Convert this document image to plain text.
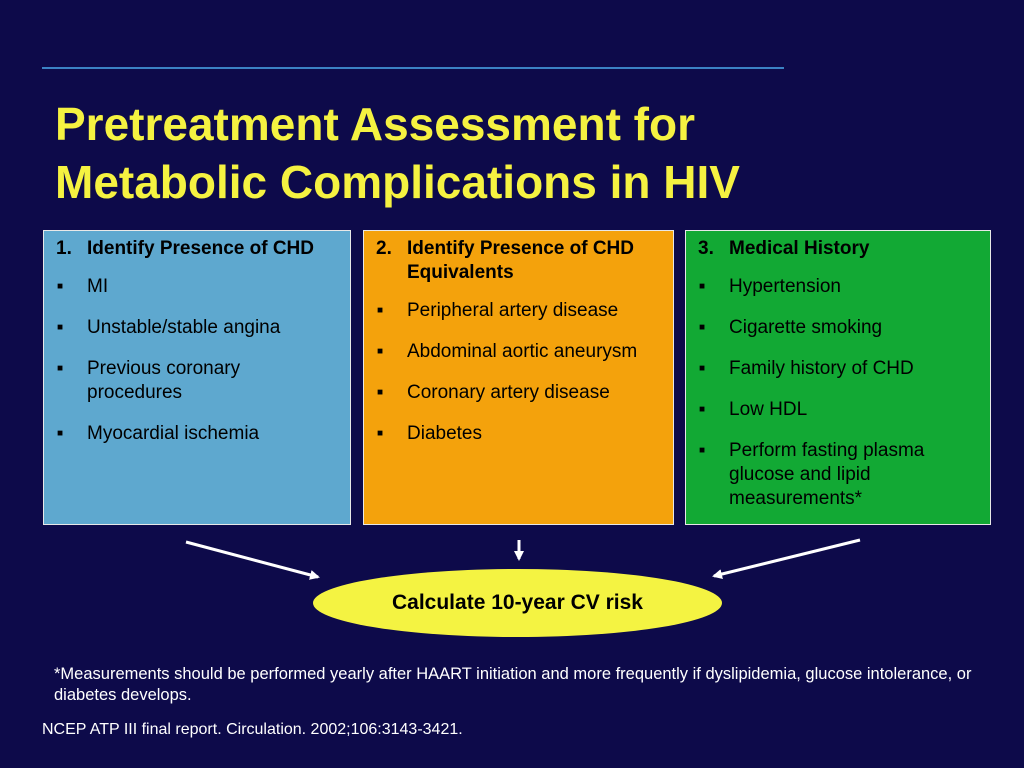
Pretreatment Assessment for
Metabolic Complications in HIV
1. Identify Presence of CHD
■	MI
■	Unstable/stable angina
■	Previous coronary procedures
■	Myocardial ischemia
2. Identify Presence of CHD Equivalents
■	Peripheral artery disease
■	Abdominal aortic aneurysm
■	Coronary artery disease
■	Diabetes
3. Medical History
■	Hypertension
■	Cigarette smoking
■	Family history of CHD
■	Low HDL
■	Perform fasting plasma glucose and lipid measurements*
Calculate 10-year CV risk
*Measurements should be performed yearly after HAART initiation and more frequently if dyslipidemia, glucose intolerance, or diabetes develops.
NCEP ATP III final report. Circulation. 2002;106:3143-3421.
